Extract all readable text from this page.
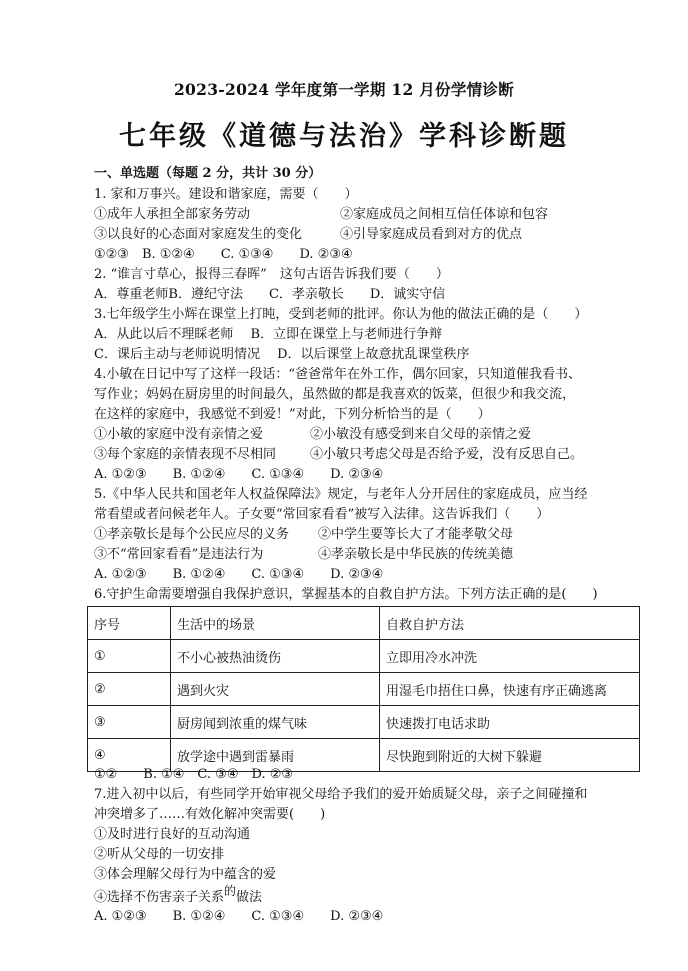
2023-2024 学年度第一学期 12 月份学情诊断
七年级《道德与法治》学科诊断题
一、单选题（每题 2 分，共计 30 分）
1. 家和万事兴。建设和谐家庭，需要（　　）
①成年人承担全部家务劳动	②家庭成员之间相互信任体谅和包容
③以良好的心态面对家庭发生的变化	④引导家庭成员看到对方的优点
①②③　B. ①②④　　C. ①③④　　D. ②③④
2. “谁言寸草心，报得三春晖”　这句古语告诉我们要（　　）
A．尊重老师B．遵纪守法　　C．孝亲敬长　　D．诚实守信
3.七年级学生小辉在课堂上打盹，受到老师的批评。你认为他的做法正确的是（　　）
A．从此以后不理睬老师　 B．立即在课堂上与老师进行争辩
C．课后主动与老师说明情况　 D．以后课堂上故意扰乱课堂秩序
4.小敏在日记中写了这样一段话：“爸爸常年在外工作，偶尔回家，只知道催我看书、
写作业；妈妈在厨房里的时间最久，虽然做的都是我喜欢的饭菜，但很少和我交流，
在这样的家庭中，我感觉不到爱！”对此，下列分析恰当的是（　　）
①小敏的家庭中没有亲情之爱	②小敏没有感受到来自父母的亲情之爱
③每个家庭的亲情表现不尽相同	④小敏只考虑父母是否给予爱，没有反思自己。
A. ①②③　　B. ①②④　　C. ①③④　　D. ②③④
5.《中华人民共和国老年人权益保障法》规定，与老年人分开居住的家庭成员，应当经
常看望或者问候老年人。子女要“常回家看看”被写入法律。这告诉我们（　　）
①孝亲敬长是每个公民应尽的义务 ②中学生要等长大了才能孝敬父母
③不“常回家看看”是违法行为	④孝亲敬长是中华民族的传统美德
A. ①②③　　B. ①②④　　C. ①③④　　D. ②③④
6.守护生命需要增强自我保护意识，掌握基本的自救自护方法。下列方法正确的是(　　)
序号	生活中的场景	自救自护方法
①	不小心被热油烫伤	立即用冷水冲洗
②	遇到火灾	用湿毛巾捂住口鼻，快速有序正确逃离
③	厨房闻到浓重的煤气味	快速拨打电话求助
④	放学途中遇到雷暴雨	尽快跑到附近的大树下躲避
①②　　B. ①④　C. ③④　D. ②③
7.进入初中以后，有些同学开始审视父母给予我们的爱开始质疑父母，亲子之间碰撞和
冲突增多了……有效化解冲突需要(　　)
①及时进行良好的互动沟通
②听从父母的一切安排
③体会理解父母行为中蕴含的爱
④选择不伤害亲子关系的做法
A. ①②③　　B. ①②④　　C. ①③④　　D. ②③④
